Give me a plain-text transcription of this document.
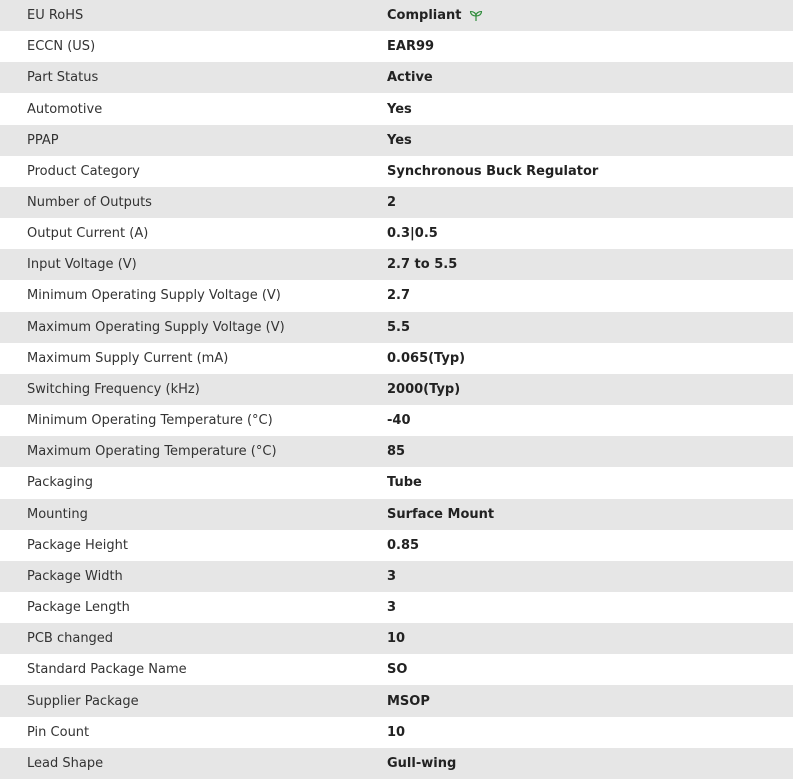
EU RoHS	Compliant
ECCN (US)	EAR99
Part Status	Active
Automotive	Yes
PPAP	Yes
Product Category	Synchronous Buck Regulator
Number of Outputs	2
Output Current (A)	0.3|0.5
Input Voltage (V)	2.7 to 5.5
Minimum Operating Supply Voltage (V)	2.7
Maximum Operating Supply Voltage (V)	5.5
Maximum Supply Current (mA)	0.065(Typ)
Switching Frequency (kHz)	2000(Typ)
Minimum Operating Temperature (°C)	-40
Maximum Operating Temperature (°C)	85
Packaging	Tube
Mounting	Surface Mount
Package Height	0.85
Package Width	3
Package Length	3
PCB changed	10
Standard Package Name	SO
Supplier Package	MSOP
Pin Count	10
Lead Shape	Gull-wing
